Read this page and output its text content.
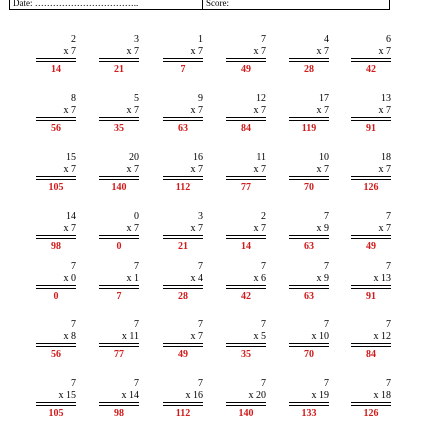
Date: ……………………………..	Score:
2
x 7
14
3
x 7
21
1
x 7
7
7
x 7
49
4
x 7
28
6
x 7
42
8
x 7
56
5
x 7
35
9
x 7
63
12
x 7
84
17
x 7
119
13
x 7
91
15
x 7
105
20
x 7
140
16
x 7
112
11
x 7
77
10
x 7
70
18
x 7
126
14
x 7
98
0
x 7
0
3
x 7
21
2
x 7
14
7
x 9
63
7
x 7
49
7
x 0
0
7
x 1
7
7
x 4
28
7
x 6
42
7
x 9
63
7
x 13
91
7
x 8
56
7
x 11
77
7
x 7
49
7
x 5
35
7
x 10
70
7
x 12
84
7
x 15
105
7
x 14
98
7
x 16
112
7
x 20
140
7
x 19
133
7
x 18
126
